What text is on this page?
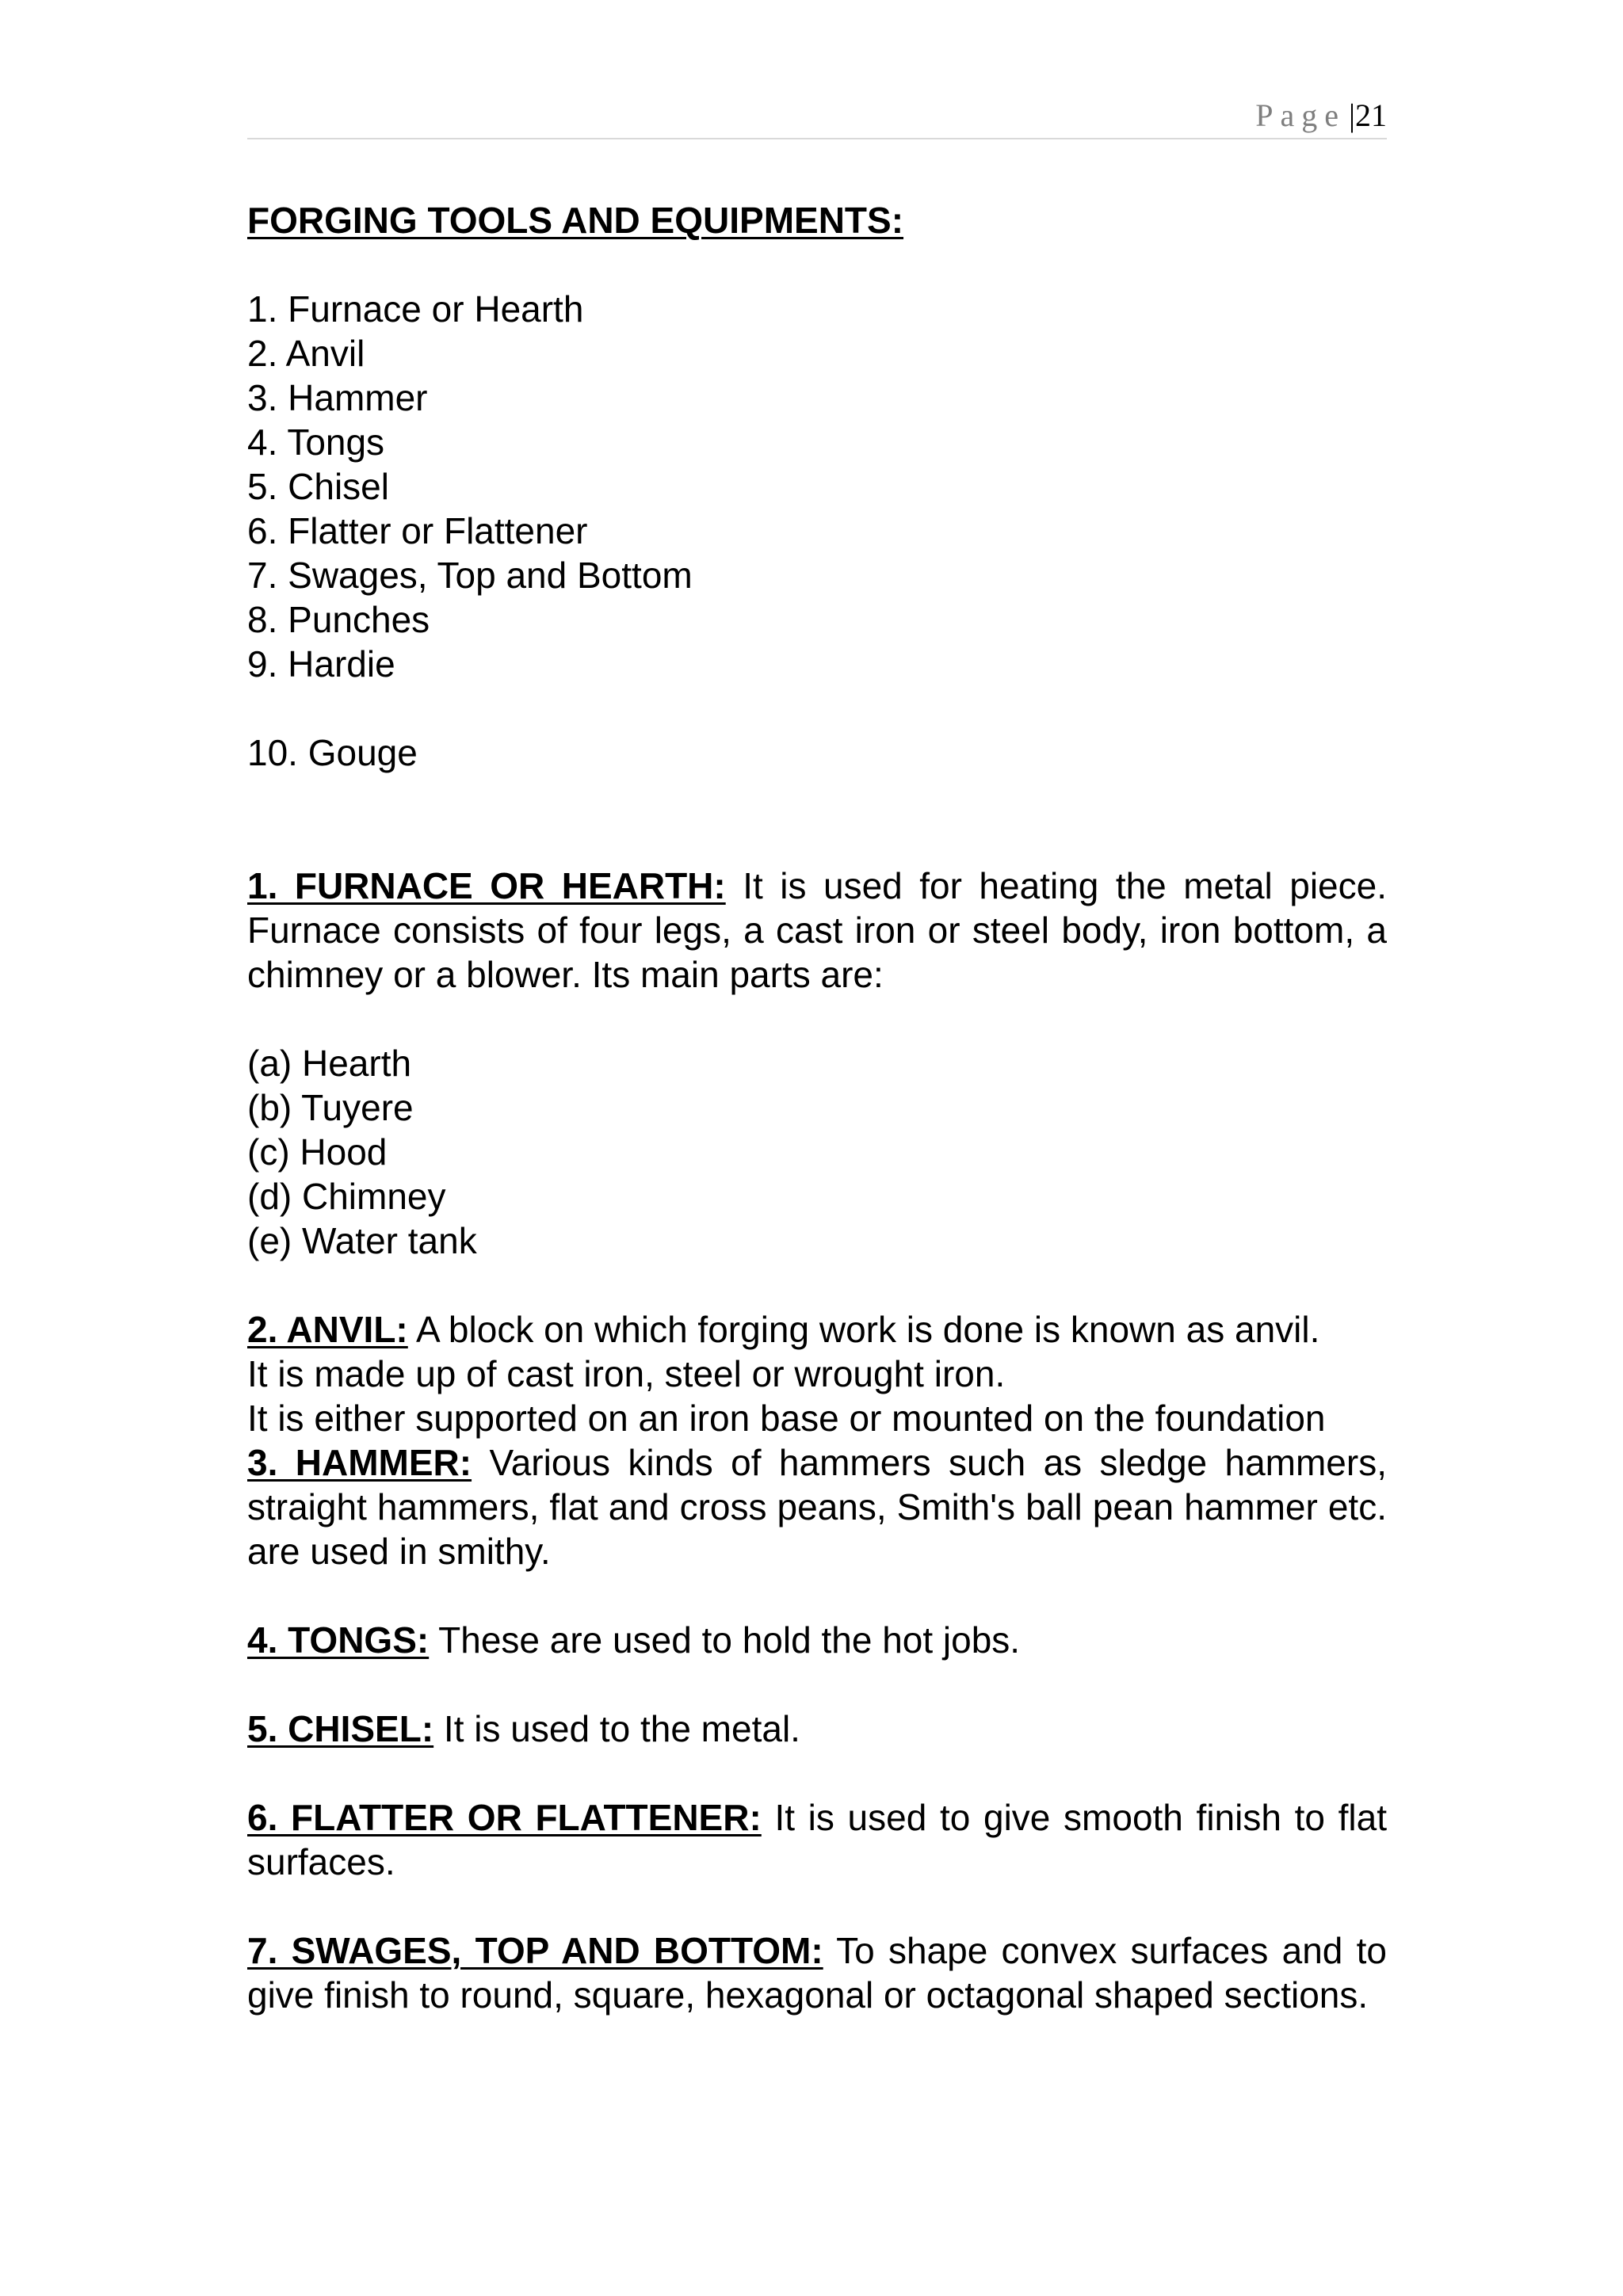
Page |21
FORGING TOOLS AND EQUIPMENTS:
1. Furnace or Hearth
2. Anvil
3. Hammer
4. Tongs
5. Chisel
6. Flatter or Flattener
7. Swages, Top and Bottom
8. Punches
9. Hardie
10. Gouge
1. FURNACE OR HEARTH: It is used for heating the metal piece. Furnace consists of four legs, a cast iron or steel body, iron bottom, a chimney or a blower. Its main parts are:
(a) Hearth
(b) Tuyere
(c) Hood
(d) Chimney
(e) Water tank
2. ANVIL: A block on which forging work is done is known as anvil.
It is made up of cast iron, steel or wrought iron.
It is either supported on an iron base or mounted on the foundation
3. HAMMER: Various kinds of hammers such as sledge hammers, straight hammers, flat and cross peans, Smith's ball pean hammer etc. are used in smithy.
4. TONGS: These are used to hold the hot jobs.
5. CHISEL: It is used to the metal.
6. FLATTER OR FLATTENER: It is used to give smooth finish to flat surfaces.
7. SWAGES, TOP AND BOTTOM: To shape convex surfaces and to give finish to round, square, hexagonal or octagonal shaped sections.
